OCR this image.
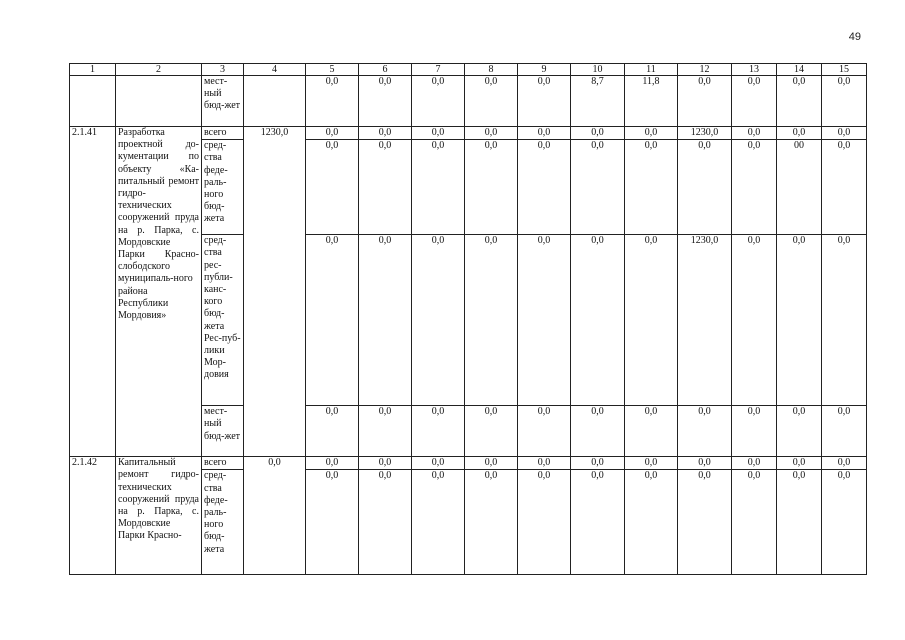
49
1	2	3	4	5	6	7	8	9	10	11	12	13	14	15
		мест-ный бюд-жет		0,0	0,0	0,0	0,0	0,0	8,7	11,8	0,0	0,0	0,0	0,0
2.1.41	Разработка проектной до-кументации по объекту «Ка-питальный ремонт гидро-технических сооружений пруда на р. Парка, с. Мордовские Парки Красно-слободского муниципаль-ного района Республики Мордовия»	всего	1230,0	0,0	0,0	0,0	0,0	0,0	0,0	0,0	1230,0	0,0	0,0	0,0
		сред-ства феде-раль-ного бюд-жета		0,0	0,0	0,0	0,0	0,0	0,0	0,0	0,0	0,0	00	0,0
		сред-ства рес-публи-канс-кого бюд-жета Рес-пуб-лики Мор-довия		0,0	0,0	0,0	0,0	0,0	0,0	0,0	1230,0	0,0	0,0	0,0
		мест-ный бюд-жет		0,0	0,0	0,0	0,0	0,0	0,0	0,0	0,0	0,0	0,0	0,0
2.1.42	Капитальный ремонт гидро-технических сооружений пруда на р. Парка, с. Мордовские Парки Красно-	всего	0,0	0,0	0,0	0,0	0,0	0,0	0,0	0,0	0,0	0,0	0,0	0,0
		сред-ства феде-раль-ного бюд-жета		0,0	0,0	0,0	0,0	0,0	0,0	0,0	0,0	0,0	0,0	0,0
